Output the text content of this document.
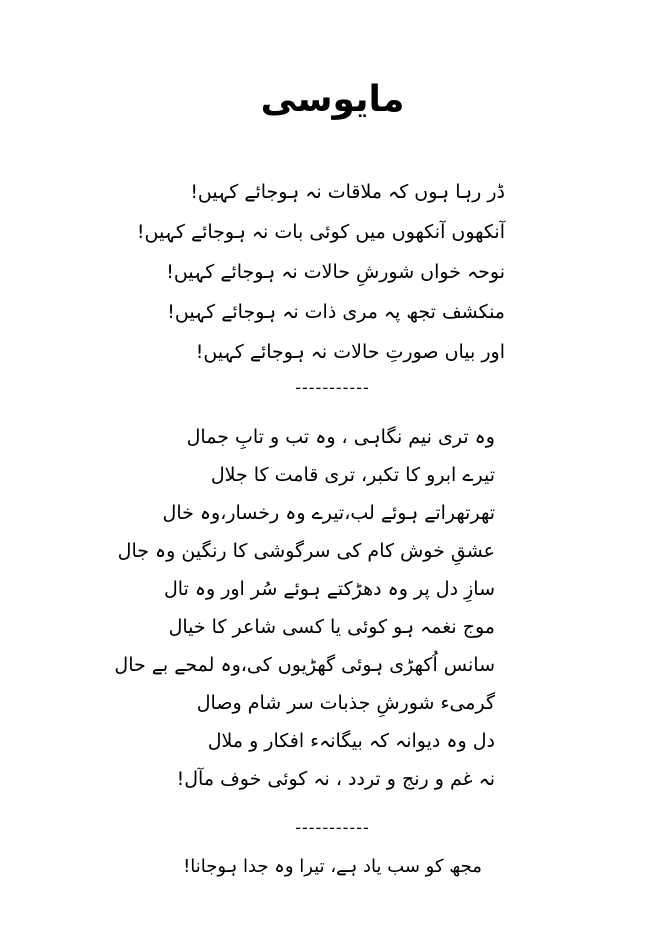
مایوسی
ڈر رہا ہوں کہ ملاقات نہ ہوجائے کہیں!
آنکھوں آنکھوں میں کوئی بات نہ ہوجائے کہیں!
نوحہ خواں شورشِ حالات نہ ہوجائے کہیں!
منکشف تجھ پہ مری ذات نہ ہوجائے کہیں!
اور بیاں صورتِ حالات نہ ہوجائے کہیں!
-----------
وہ تری نیم نگاہی ، وہ تب و تابِ جمال
تیرے ابرو کا تکبر، تری قامت کا جلال
تھرتھراتے ہوئے لب،تیرے وہ رخسار،وہ خال
عشقِ خوش کام کی سرگوشی کا رنگین وہ جال
سازِ دل پر وہ دھڑکتے ہوئے سُر اور وہ تال
موج نغمہ ہو کوئی یا کسی شاعر کا خیال
سانس اُکھڑی ہوئی گھڑیوں کی،وہ لمحے بے حال
گرمیء شورشِ جذبات سر شام وصال
دل وہ دیوانہ کہ بیگانہء افکار و ملال
نہ غم و رنج و تردد ، نہ کوئی خوف مآل!
-----------
مجھ کو سب یاد ہے، تیرا وہ جدا ہوجانا!
